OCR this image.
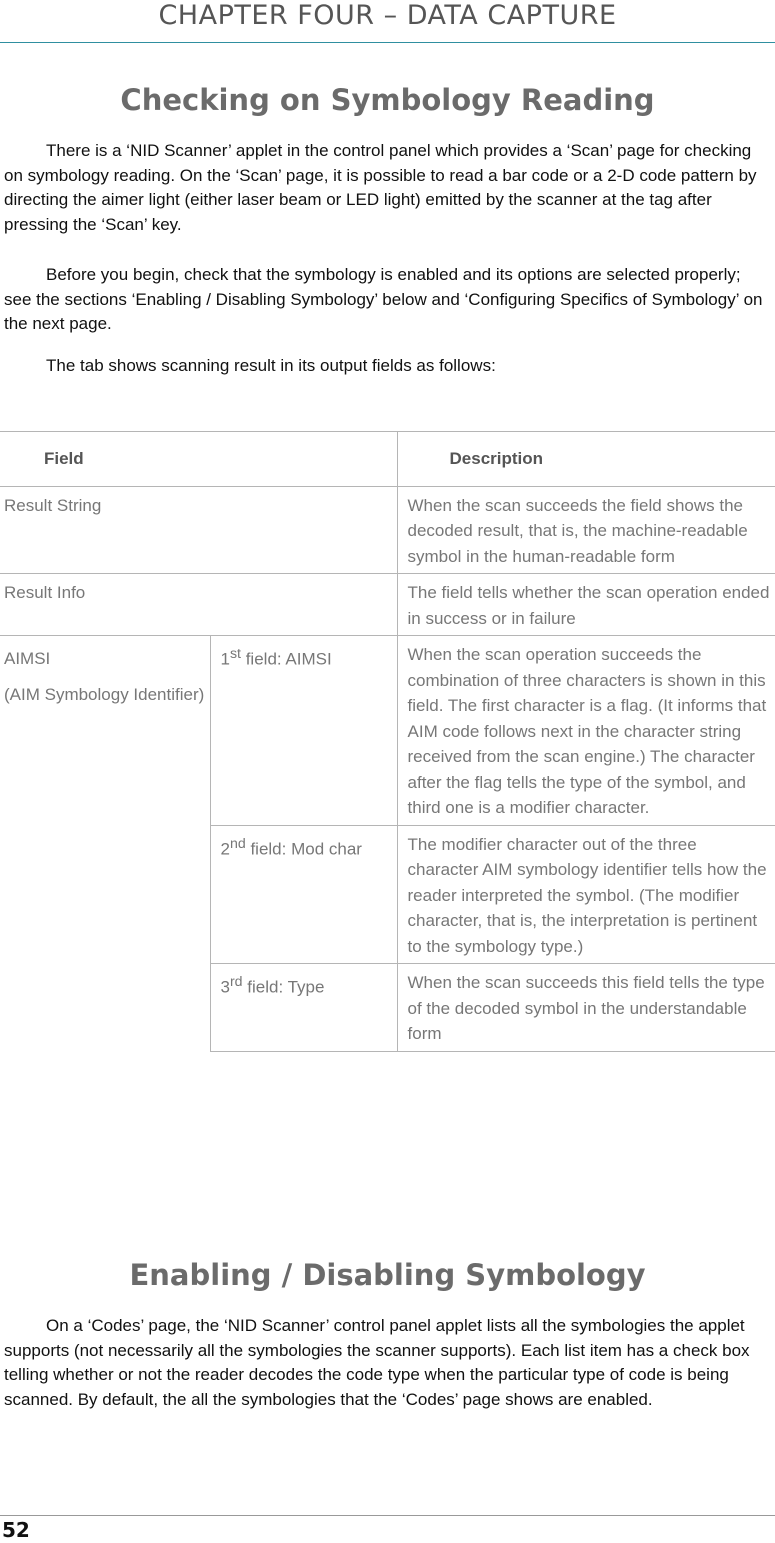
CHAPTER FOUR – DATA CAPTURE
Checking on Symbology Reading

There is a ‘NID Scanner’ applet in the control panel which provides a ‘Scan’ page for checking on symbology reading. On the ‘Scan’ page, it is possible to read a bar code or a 2-D code pattern by directing the aimer light (either laser beam or LED light) emitted by the scanner at the tag after pressing the ‘Scan’ key.

Before you begin, check that the symbology is enabled and its options are selected properly; see the sections ‘Enabling / Disabling Symbology’ below and ‘Configuring Specifics of Symbology’ on the next page.

The tab shows scanning result in its output fields as follows:

Field		Description
Result String		When the scan succeeds the field shows the decoded result, that is, the machine-readable symbol in the human-readable form
Result Info		The field tells whether the scan operation ended in success or in failure
AIMSI
(AIM Symbology Identifier)	1st field: AIMSI	When the scan operation succeeds the combination of three characters is shown in this field. The first character is a flag. (It informs that AIM code follows next in the character string received from the scan engine.) The character after the flag tells the type of the symbol, and third one is a modifier character.
	2nd field: Mod char	The modifier character out of the three character AIM symbology identifier tells how the reader interpreted the symbol. (The modifier character, that is, the interpretation is pertinent to the symbology type.)
	3rd field: Type	When the scan succeeds this field tells the type of the decoded symbol in the understandable form
Enabling / Disabling Symbology

On a ‘Codes’ page, the ‘NID Scanner’ control panel applet lists all the symbologies the applet supports (not necessarily all the symbologies the scanner supports). Each list item has a check box telling whether or not the reader decodes the code type when the particular type of code is being scanned. By default, the all the symbologies that the ‘Codes’ page shows are enabled.

52
